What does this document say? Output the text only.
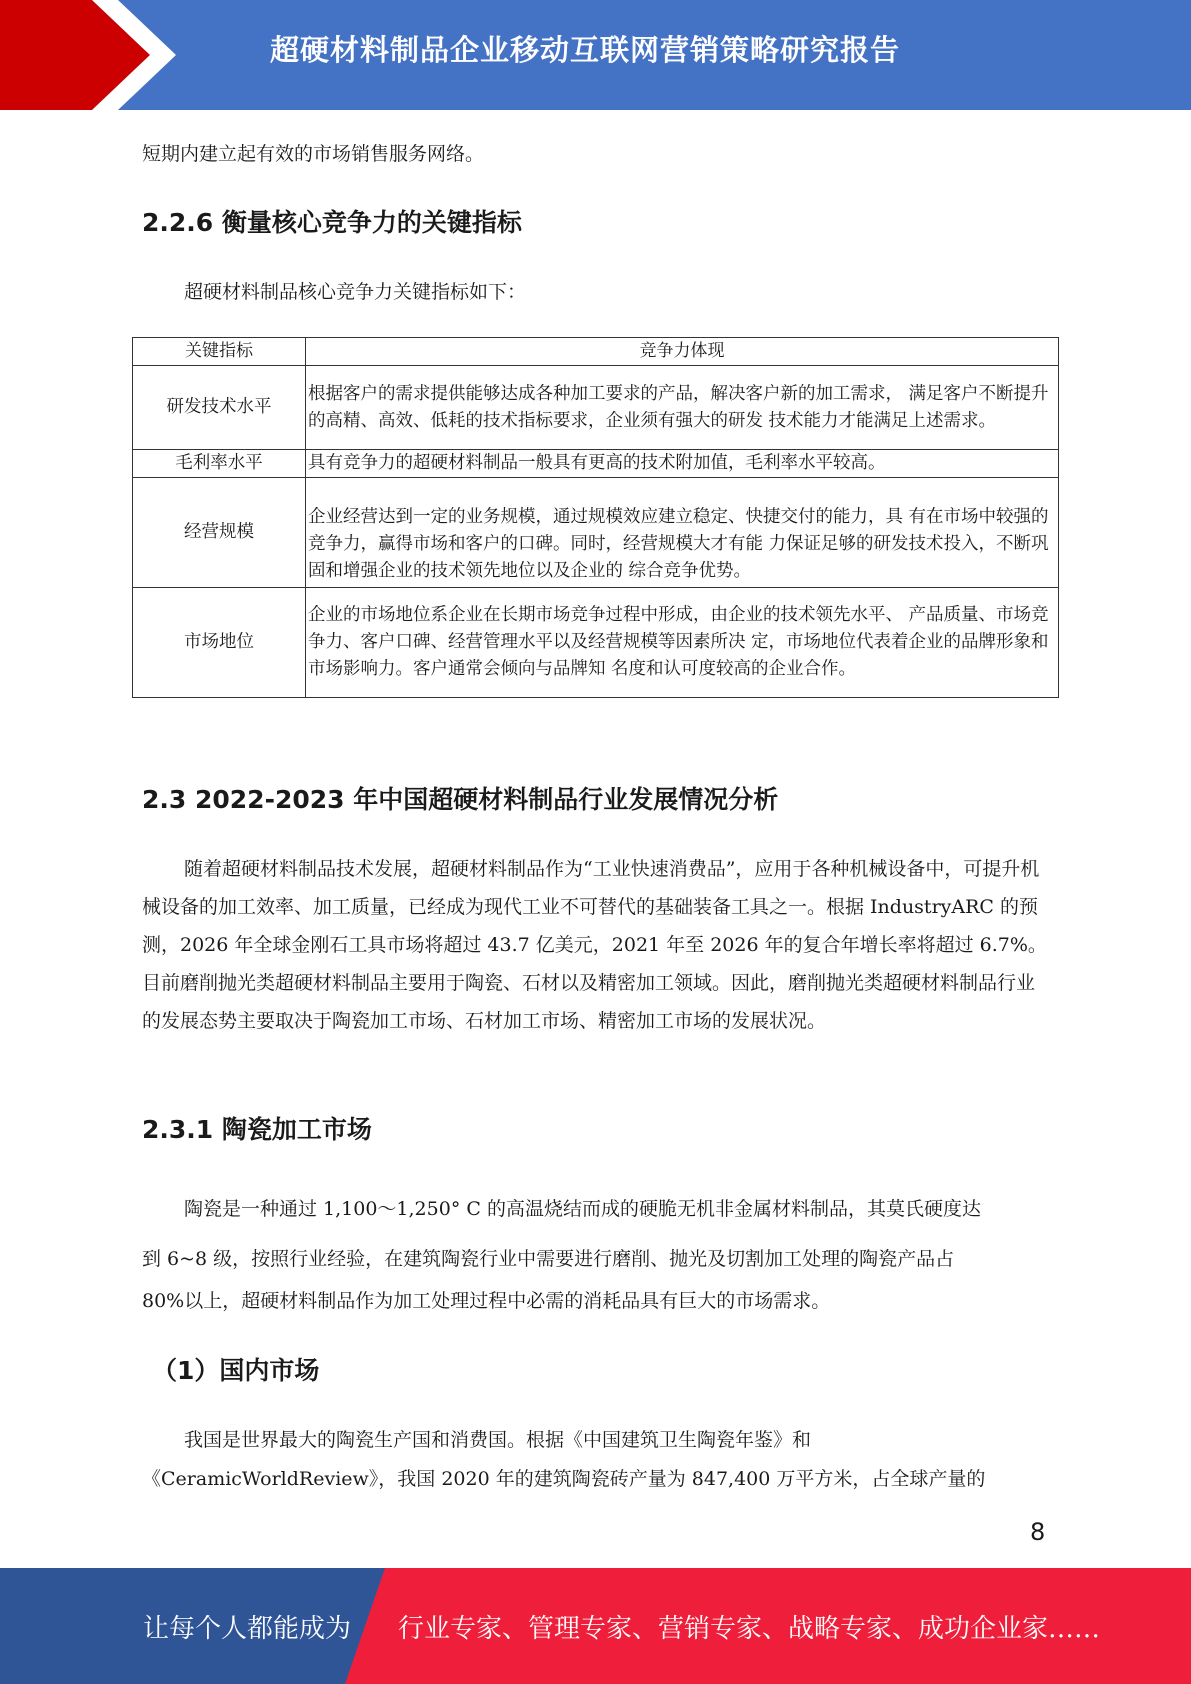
超硬材料制品企业移动互联网营销策略研究报告

短期内建立起有效的市场销售服务网络。

2.2.6 衡量核心竞争力的关键指标

超硬材料制品核心竞争力关键指标如下：

关键指标	竞争力体现
研发技术水平	根据客户的需求提供能够达成各种加工要求的产品，解决客户新的加工需求， 满足客户不断提升的高精、高效、低耗的技术指标要求，企业须有强大的研发 技术能力才能满足上述需求。
毛利率水平	具有竞争力的超硬材料制品一般具有更高的技术附加值，毛利率水平较高。
经营规模	企业经营达到一定的业务规模，通过规模效应建立稳定、快捷交付的能力，具 有在市场中较强的竞争力，赢得市场和客户的口碑。同时，经营规模大才有能 力保证足够的研发技术投入，不断巩固和增强企业的技术领先地位以及企业的 综合竞争优势。
市场地位	企业的市场地位系企业在长期市场竞争过程中形成，由企业的技术领先水平、 产品质量、市场竞争力、客户口碑、经营管理水平以及经营规模等因素所决 定，市场地位代表着企业的品牌形象和市场影响力。客户通常会倾向与品牌知 名度和认可度较高的企业合作。
2.3 2022-2023 年中国超硬材料制品行业发展情况分析

随着超硬材料制品技术发展，超硬材料制品作为“工业快速消费品”，应用于各种机械设备中，可提升机械设备的加工效率、加工质量，已经成为现代工业不可替代的基础装备工具之一。根据 IndustryARC 的预测，2026 年全球金刚石工具市场将超过 43.7 亿美元，2021 年至 2026 年的复合年增长率将超过 6.7%。目前磨削抛光类超硬材料制品主要用于陶瓷、石材以及精密加工领域。因此，磨削抛光类超硬材料制品行业的发展态势主要取决于陶瓷加工市场、石材加工市场、精密加工市场的发展状况。

2.3.1 陶瓷加工市场

陶瓷是一种通过 1,100～1,250° C 的高温烧结而成的硬脆无机非金属材料制品，其莫氏硬度达

到 6~8 级，按照行业经验，在建筑陶瓷行业中需要进行磨削、抛光及切割加工处理的陶瓷产品占

80%以上，超硬材料制品作为加工处理过程中必需的消耗品具有巨大的市场需求。

（1）国内市场

我国是世界最大的陶瓷生产国和消费国。根据《中国建筑卫生陶瓷年鉴》和

《CeramicWorldReview》，我国 2020 年的建筑陶瓷砖产量为 847,400 万平方米，占全球产量的

8
让每个人都能成为 行业专家、管理专家、营销专家、战略专家、成功企业家……
